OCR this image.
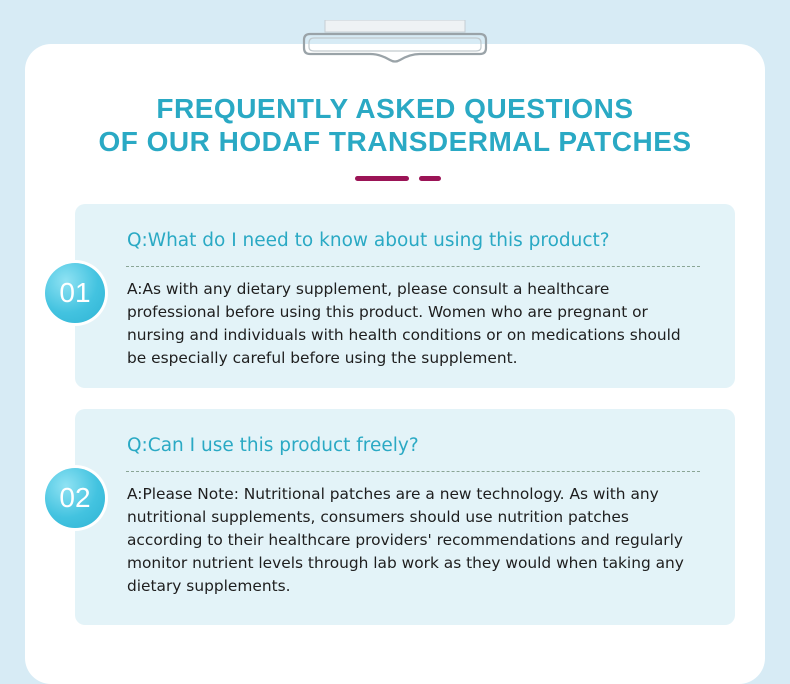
FREQUENTLY ASKED QUESTIONS
OF OUR HODAF TRANSDERMAL PATCHES
Q:What do I need to know about using this product?
A:As with any dietary supplement, please consult a healthcare professional before using this product. Women who are pregnant or nursing and individuals with health conditions or on medications should be especially careful before using the supplement.
01
Q:Can I use this product freely?
A:Please Note: Nutritional patches are a new technology. As with any nutritional supplements, consumers should use nutrition patches according to their healthcare providers' recommendations and regularly monitor nutrient levels through lab work as they would when taking any dietary supplements.
02
